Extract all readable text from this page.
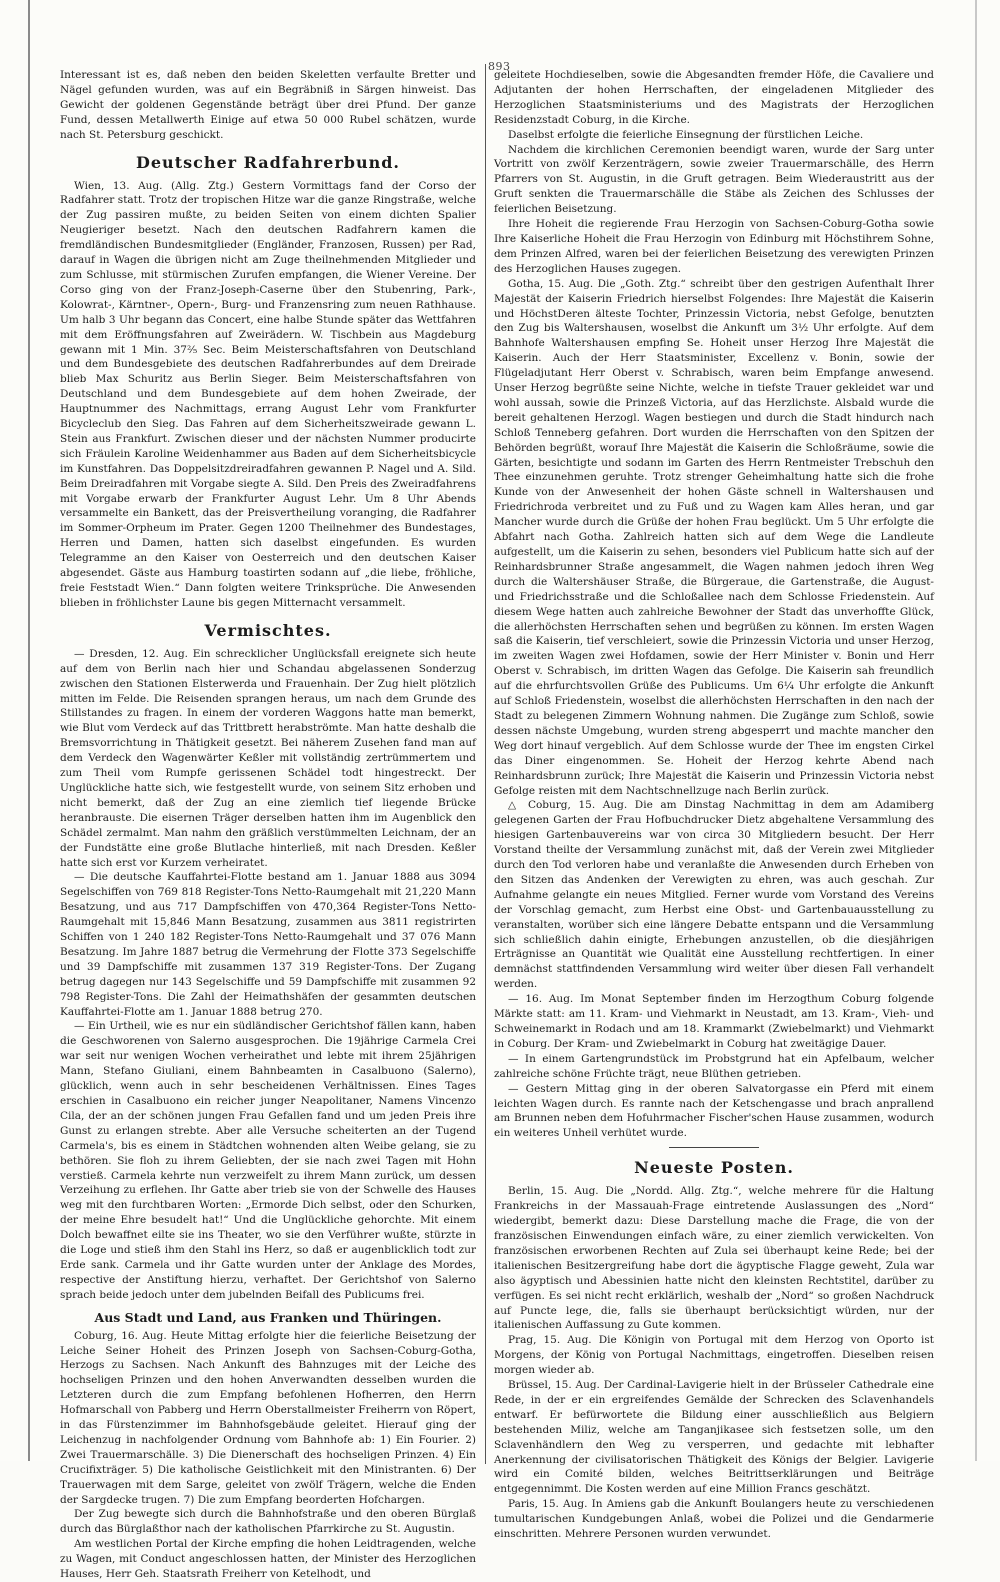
893

Interessant ist es, daß neben den beiden Skeletten verfaulte Bretter und Nägel gefunden wurden, was auf ein Begräbniß in Särgen hinweist. Das Gewicht der goldenen Gegenstände beträgt über drei Pfund. Der ganze Fund, dessen Metallwerth Einige auf etwa 50 000 Rubel schätzen, wurde nach St. Petersburg geschickt.

Deutscher Radfahrerbund.

Wien, 13. Aug. (Allg. Ztg.) Gestern Vormittags fand der Corso der Radfahrer statt. Trotz der tropischen Hitze war die ganze Ringstraße, welche der Zug passiren mußte, zu beiden Seiten von einem dichten Spalier Neugieriger besetzt. Nach den deutschen Radfahrern kamen die fremdländischen Bundesmitglieder (Engländer, Franzosen, Russen) per Rad, darauf in Wagen die übrigen nicht am Zuge theilnehmenden Mitglieder und zum Schlusse, mit stürmischen Zurufen empfangen, die Wiener Vereine. Der Corso ging von der Franz-Joseph-Caserne über den Stubenring, Park-, Kolowrat-, Kärntner-, Opern-, Burg- und Franzensring zum neuen Rathhause. Um halb 3 Uhr begann das Concert, eine halbe Stunde später das Wettfahren mit dem Eröffnungsfahren auf Zweirädern. W. Tischbein aus Magdeburg gewann mit 1 Min. 37²⁄₅ Sec. Beim Meisterschaftsfahren von Deutschland und dem Bundesgebiete des deutschen Radfahrerbundes auf dem Dreirade blieb Max Schuritz aus Berlin Sieger. Beim Meisterschaftsfahren von Deutschland und dem Bundesgebiete auf dem hohen Zweirade, der Hauptnummer des Nachmittags, errang August Lehr vom Frankfurter Bicycleclub den Sieg. Das Fahren auf dem Sicherheitszweirade gewann L. Stein aus Frankfurt. Zwischen dieser und der nächsten Nummer producirte sich Fräulein Karoline Weidenhammer aus Baden auf dem Sicherheitsbicycle im Kunstfahren. Das Doppelsitzdreiradfahren gewannen P. Nagel und A. Sild. Beim Dreiradfahren mit Vorgabe siegte A. Sild. Den Preis des Zweiradfahrens mit Vorgabe erwarb der Frankfurter August Lehr. Um 8 Uhr Abends versammelte ein Bankett, das der Preisvertheilung voranging, die Radfahrer im Sommer-Orpheum im Prater. Gegen 1200 Theilnehmer des Bundestages, Herren und Damen, hatten sich daselbst eingefunden. Es wurden Telegramme an den Kaiser von Oesterreich und den deutschen Kaiser abgesendet. Gäste aus Hamburg toastirten sodann auf „die liebe, fröhliche, freie Feststadt Wien.“ Dann folgten weitere Trinksprüche. Die Anwesenden blieben in fröhlichster Laune bis gegen Mitternacht versammelt.

Vermischtes.

— Dresden, 12. Aug. Ein schrecklicher Unglücksfall ereignete sich heute auf dem von Berlin nach hier und Schandau abgelassenen Sonderzug zwischen den Stationen Elsterwerda und Frauenhain. Der Zug hielt plötzlich mitten im Felde. Die Reisenden sprangen heraus, um nach dem Grunde des Stillstandes zu fragen. In einem der vorderen Waggons hatte man bemerkt, wie Blut vom Verdeck auf das Trittbrett herabströmte. Man hatte deshalb die Bremsvorrichtung in Thätigkeit gesetzt. Bei näherem Zusehen fand man auf dem Verdeck den Wagenwärter Keßler mit vollständig zertrümmertem und zum Theil vom Rumpfe gerissenen Schädel todt hingestreckt. Der Unglückliche hatte sich, wie festgestellt wurde, von seinem Sitz erhoben und nicht bemerkt, daß der Zug an eine ziemlich tief liegende Brücke heranbrauste. Die eisernen Träger derselben hatten ihm im Augenblick den Schädel zermalmt. Man nahm den gräßlich verstümmelten Leichnam, der an der Fundstätte eine große Blutlache hinterließ, mit nach Dresden. Keßler hatte sich erst vor Kurzem verheiratet.

— Die deutsche Kauffahrtei-Flotte bestand am 1. Januar 1888 aus 3094 Segelschiffen von 769 818 Register-Tons Netto-Raumgehalt mit 21,220 Mann Besatzung, und aus 717 Dampfschiffen von 470,364 Register-Tons Netto-Raumgehalt mit 15,846 Mann Besatzung, zusammen aus 3811 registrirten Schiffen von 1 240 182 Register-Tons Netto-Raumgehalt und 37 076 Mann Besatzung. Im Jahre 1887 betrug die Vermehrung der Flotte 373 Segelschiffe und 39 Dampfschiffe mit zusammen 137 319 Register-Tons. Der Zugang betrug dagegen nur 143 Segelschiffe und 59 Dampfschiffe mit zusammen 92 798 Register-Tons. Die Zahl der Heimathshäfen der gesammten deutschen Kauffahrtei-Flotte am 1. Januar 1888 betrug 270.

— Ein Urtheil, wie es nur ein südländischer Gerichtshof fällen kann, haben die Geschworenen von Salerno ausgesprochen. Die 19jährige Carmela Crei war seit nur wenigen Wochen verheirathet und lebte mit ihrem 25jährigen Mann, Stefano Giuliani, einem Bahnbeamten in Casalbuono (Salerno), glücklich, wenn auch in sehr bescheidenen Verhältnissen. Eines Tages erschien in Casalbuono ein reicher junger Neapolitaner, Namens Vincenzo Cila, der an der schönen jungen Frau Gefallen fand und um jeden Preis ihre Gunst zu erlangen strebte. Aber alle Versuche scheiterten an der Tugend Carmela's, bis es einem in Städtchen wohnenden alten Weibe gelang, sie zu bethören. Sie floh zu ihrem Geliebten, der sie nach zwei Tagen mit Hohn verstieß. Carmela kehrte nun verzweifelt zu ihrem Mann zurück, um dessen Verzeihung zu erflehen. Ihr Gatte aber trieb sie von der Schwelle des Hauses weg mit den furchtbaren Worten: „Ermorde Dich selbst, oder den Schurken, der meine Ehre besudelt hat!“ Und die Unglückliche gehorchte. Mit einem Dolch bewaffnet eilte sie ins Theater, wo sie den Verführer wußte, stürzte in die Loge und stieß ihm den Stahl ins Herz, so daß er augenblicklich todt zur Erde sank. Carmela und ihr Gatte wurden unter der Anklage des Mordes, respective der Anstiftung hierzu, verhaftet. Der Gerichtshof von Salerno sprach beide jedoch unter dem jubelnden Beifall des Publicums frei.

Aus Stadt und Land, aus Franken und Thüringen.

Coburg, 16. Aug. Heute Mittag erfolgte hier die feierliche Beisetzung der Leiche Seiner Hoheit des Prinzen Joseph von Sachsen-Coburg-Gotha, Herzogs zu Sachsen. Nach Ankunft des Bahnzuges mit der Leiche des hochseligen Prinzen und den hohen Anverwandten desselben wurden die Letzteren durch die zum Empfang befohlenen Hofherren, den Herrn Hofmarschall von Pabberg und Herrn Oberstallmeister Freiherrn von Röpert, in das Fürstenzimmer im Bahnhofsgebäude geleitet. Hierauf ging der Leichenzug in nachfolgender Ordnung vom Bahnhofe ab: 1) Ein Fourier. 2) Zwei Trauermarschälle. 3) Die Dienerschaft des hochseligen Prinzen. 4) Ein Crucifixträger. 5) Die katholische Geistlichkeit mit den Ministranten. 6) Der Trauerwagen mit dem Sarge, geleitet von zwölf Trägern, welche die Enden der Sargdecke trugen. 7) Die zum Empfang beorderten Hofchargen.

Der Zug bewegte sich durch die Bahnhofstraße und den oberen Bürglaß durch das Bürglaßthor nach der katholischen Pfarrkirche zu St. Augustin.

Am westlichen Portal der Kirche empfing die hohen Leidtragenden, welche zu Wagen, mit Conduct angeschlossen hatten, der Minister des Herzoglichen Hauses, Herr Geh. Staatsrath Freiherr von Ketelhodt, und

geleitete Hochdieselben, sowie die Abgesandten fremder Höfe, die Cavaliere und Adjutanten der hohen Herrschaften, der eingeladenen Mitglieder des Herzoglichen Staatsministeriums und des Magistrats der Herzoglichen Residenzstadt Coburg, in die Kirche.

Daselbst erfolgte die feierliche Einsegnung der fürstlichen Leiche.

Nachdem die kirchlichen Ceremonien beendigt waren, wurde der Sarg unter Vortritt von zwölf Kerzenträgern, sowie zweier Trauermarschälle, des Herrn Pfarrers von St. Augustin, in die Gruft getragen. Beim Wiederaustritt aus der Gruft senkten die Trauermarschälle die Stäbe als Zeichen des Schlusses der feierlichen Beisetzung.

Ihre Hoheit die regierende Frau Herzogin von Sachsen-Coburg-Gotha sowie Ihre Kaiserliche Hoheit die Frau Herzogin von Edinburg mit Höchstihrem Sohne, dem Prinzen Alfred, waren bei der feierlichen Beisetzung des verewigten Prinzen des Herzoglichen Hauses zugegen.

Gotha, 15. Aug. Die „Goth. Ztg.“ schreibt über den gestrigen Aufenthalt Ihrer Majestät der Kaiserin Friedrich hierselbst Folgendes: Ihre Majestät die Kaiserin und HöchstDeren älteste Tochter, Prinzessin Victoria, nebst Gefolge, benutzten den Zug bis Waltershausen, woselbst die Ankunft um 3½ Uhr erfolgte. Auf dem Bahnhofe Waltershausen empfing Se. Hoheit unser Herzog Ihre Majestät die Kaiserin. Auch der Herr Staatsminister, Excellenz v. Bonin, sowie der Flügeladjutant Herr Oberst v. Schrabisch, waren beim Empfange anwesend. Unser Herzog begrüßte seine Nichte, welche in tiefste Trauer gekleidet war und wohl aussah, sowie die Prinzeß Victoria, auf das Herzlichste. Alsbald wurde die bereit gehaltenen Herzogl. Wagen bestiegen und durch die Stadt hindurch nach Schloß Tenneberg gefahren. Dort wurden die Herrschaften von den Spitzen der Behörden begrüßt, worauf Ihre Majestät die Kaiserin die Schloßräume, sowie die Gärten, besichtigte und sodann im Garten des Herrn Rentmeister Trebschuh den Thee einzunehmen geruhte. Trotz strenger Geheimhaltung hatte sich die frohe Kunde von der Anwesenheit der hohen Gäste schnell in Waltershausen und Friedrichroda verbreitet und zu Fuß und zu Wagen kam Alles heran, und gar Mancher wurde durch die Grüße der hohen Frau beglückt. Um 5 Uhr erfolgte die Abfahrt nach Gotha. Zahlreich hatten sich auf dem Wege die Landleute aufgestellt, um die Kaiserin zu sehen, besonders viel Publicum hatte sich auf der Reinhardsbrunner Straße angesammelt, die Wagen nahmen jedoch ihren Weg durch die Waltershäuser Straße, die Bürgeraue, die Gartenstraße, die August- und Friedrichsstraße und die Schloßallee nach dem Schlosse Friedenstein. Auf diesem Wege hatten auch zahlreiche Bewohner der Stadt das unverhoffte Glück, die allerhöchsten Herrschaften sehen und begrüßen zu können. Im ersten Wagen saß die Kaiserin, tief verschleiert, sowie die Prinzessin Victoria und unser Herzog, im zweiten Wagen zwei Hofdamen, sowie der Herr Minister v. Bonin und Herr Oberst v. Schrabisch, im dritten Wagen das Gefolge. Die Kaiserin sah freundlich auf die ehrfurchtsvollen Grüße des Publicums. Um 6¼ Uhr erfolgte die Ankunft auf Schloß Friedenstein, woselbst die allerhöchsten Herrschaften in den nach der Stadt zu belegenen Zimmern Wohnung nahmen. Die Zugänge zum Schloß, sowie dessen nächste Umgebung, wurden streng abgesperrt und machte mancher den Weg dort hinauf vergeblich. Auf dem Schlosse wurde der Thee im engsten Cirkel das Diner eingenommen. Se. Hoheit der Herzog kehrte Abend nach Reinhardsbrunn zurück; Ihre Majestät die Kaiserin und Prinzessin Victoria nebst Gefolge reisten mit dem Nachtschnellzuge nach Berlin zurück.

△ Coburg, 15. Aug. Die am Dinstag Nachmittag in dem am Adamiberg gelegenen Garten der Frau Hofbuchdrucker Dietz abgehaltene Versammlung des hiesigen Gartenbauvereins war von circa 30 Mitgliedern besucht. Der Herr Vorstand theilte der Versammlung zunächst mit, daß der Verein zwei Mitglieder durch den Tod verloren habe und veranlaßte die Anwesenden durch Erheben von den Sitzen das Andenken der Verewigten zu ehren, was auch geschah. Zur Aufnahme gelangte ein neues Mitglied. Ferner wurde vom Vorstand des Vereins der Vorschlag gemacht, zum Herbst eine Obst- und Gartenbauausstellung zu veranstalten, worüber sich eine längere Debatte entspann und die Versammlung sich schließlich dahin einigte, Erhebungen anzustellen, ob die diesjährigen Erträgnisse an Quantität wie Qualität eine Ausstellung rechtfertigen. In einer demnächst stattfindenden Versammlung wird weiter über diesen Fall verhandelt werden.

— 16. Aug. Im Monat September finden im Herzogthum Coburg folgende Märkte statt: am 11. Kram- und Viehmarkt in Neustadt, am 13. Kram-, Vieh- und Schweinemarkt in Rodach und am 18. Krammarkt (Zwiebelmarkt) und Viehmarkt in Coburg. Der Kram- und Zwiebelmarkt in Coburg hat zweitägige Dauer.

— In einem Gartengrundstück im Probstgrund hat ein Apfelbaum, welcher zahlreiche schöne Früchte trägt, neue Blüthen getrieben.

— Gestern Mittag ging in der oberen Salvatorgasse ein Pferd mit einem leichten Wagen durch. Es rannte nach der Ketschengasse und brach anprallend am Brunnen neben dem Hofuhrmacher Fischer'schen Hause zusammen, wodurch ein weiteres Unheil verhütet wurde.

Neueste Posten.

Berlin, 15. Aug. Die „Nordd. Allg. Ztg.“, welche mehrere für die Haltung Frankreichs in der Massauah-Frage eintretende Auslassungen des „Nord“ wiedergibt, bemerkt dazu: Diese Darstellung mache die Frage, die von der französischen Einwendungen einfach wäre, zu einer ziemlich verwickelten. Von französischen erworbenen Rechten auf Zula sei überhaupt keine Rede; bei der italienischen Besitzergreifung habe dort die ägyptische Flagge geweht, Zula war also ägyptisch und Abessinien hatte nicht den kleinsten Rechtstitel, darüber zu verfügen. Es sei nicht recht erklärlich, weshalb der „Nord“ so großen Nachdruck auf Puncte lege, die, falls sie überhaupt berücksichtigt würden, nur der italienischen Auffassung zu Gute kommen.

Prag, 15. Aug. Die Königin von Portugal mit dem Herzog von Oporto ist Morgens, der König von Portugal Nachmittags, eingetroffen. Dieselben reisen morgen wieder ab.

Brüssel, 15. Aug. Der Cardinal-Lavigerie hielt in der Brüsseler Cathedrale eine Rede, in der er ein ergreifendes Gemälde der Schrecken des Sclavenhandels entwarf. Er befürwortete die Bildung einer ausschließlich aus Belgiern bestehenden Miliz, welche am Tanganjikasee sich festsetzen solle, um den Sclavenhändlern den Weg zu versperren, und gedachte mit lebhafter Anerkennung der civilisatorischen Thätigkeit des Königs der Belgier. Lavigerie wird ein Comité bilden, welches Beitrittserklärungen und Beiträge entgegennimmt. Die Kosten werden auf eine Million Francs geschätzt.

Paris, 15. Aug. In Amiens gab die Ankunft Boulangers heute zu verschiedenen tumultarischen Kundgebungen Anlaß, wobei die Polizei und die Gendarmerie einschritten. Mehrere Personen wurden verwundet.
